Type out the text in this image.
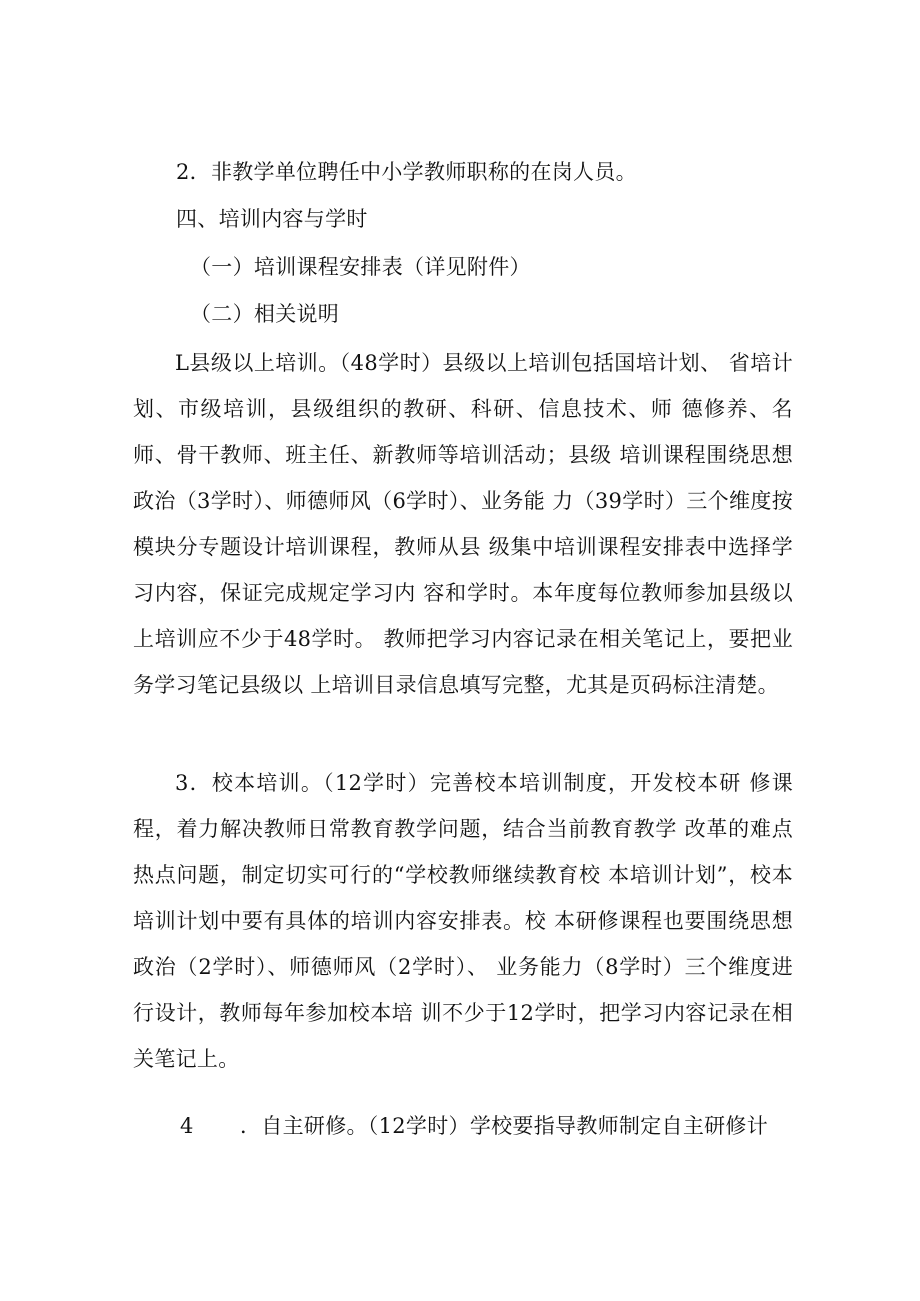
2．非教学单位聘任中小学教师职称的在岗人员。
四、培训内容与学时
（一）培训课程安排表（详见附件）
（二）相关说明
L县级以上培训。（48学时）县级以上培训包括国培计划、 省培计划、市级培训，县级组织的教研、科研、信息技术、师 德修养、名师、骨干教师、班主任、新教师等培训活动；县级 培训课程围绕思想政治（3学时）、师德师风（6学时）、业务能 力（39学时）三个维度按模块分专题设计培训课程，教师从县 级集中培训课程安排表中选择学习内容，保证完成规定学习内 容和学时。本年度每位教师参加县级以上培训应不少于48学时。 教师把学习内容记录在相关笔记上，要把业务学习笔记县级以 上培训目录信息填写完整，尤其是页码标注清楚。
3．校本培训。（12学时）完善校本培训制度，开发校本研 修课程，着力解决教师日常教育教学问题，结合当前教育教学 改革的难点热点问题，制定切实可行的“学校教师继续教育校 本培训计划”，校本培训计划中要有具体的培训内容安排表。校 本研修课程也要围绕思想政治（2学时）、师德师风（2学时）、 业务能力（8学时）三个维度进行设计，教师每年参加校本培 训不少于12学时，把学习内容记录在相关笔记上。
4 ．自主研修。（12学时）学校要指导教师制定自主研修计
